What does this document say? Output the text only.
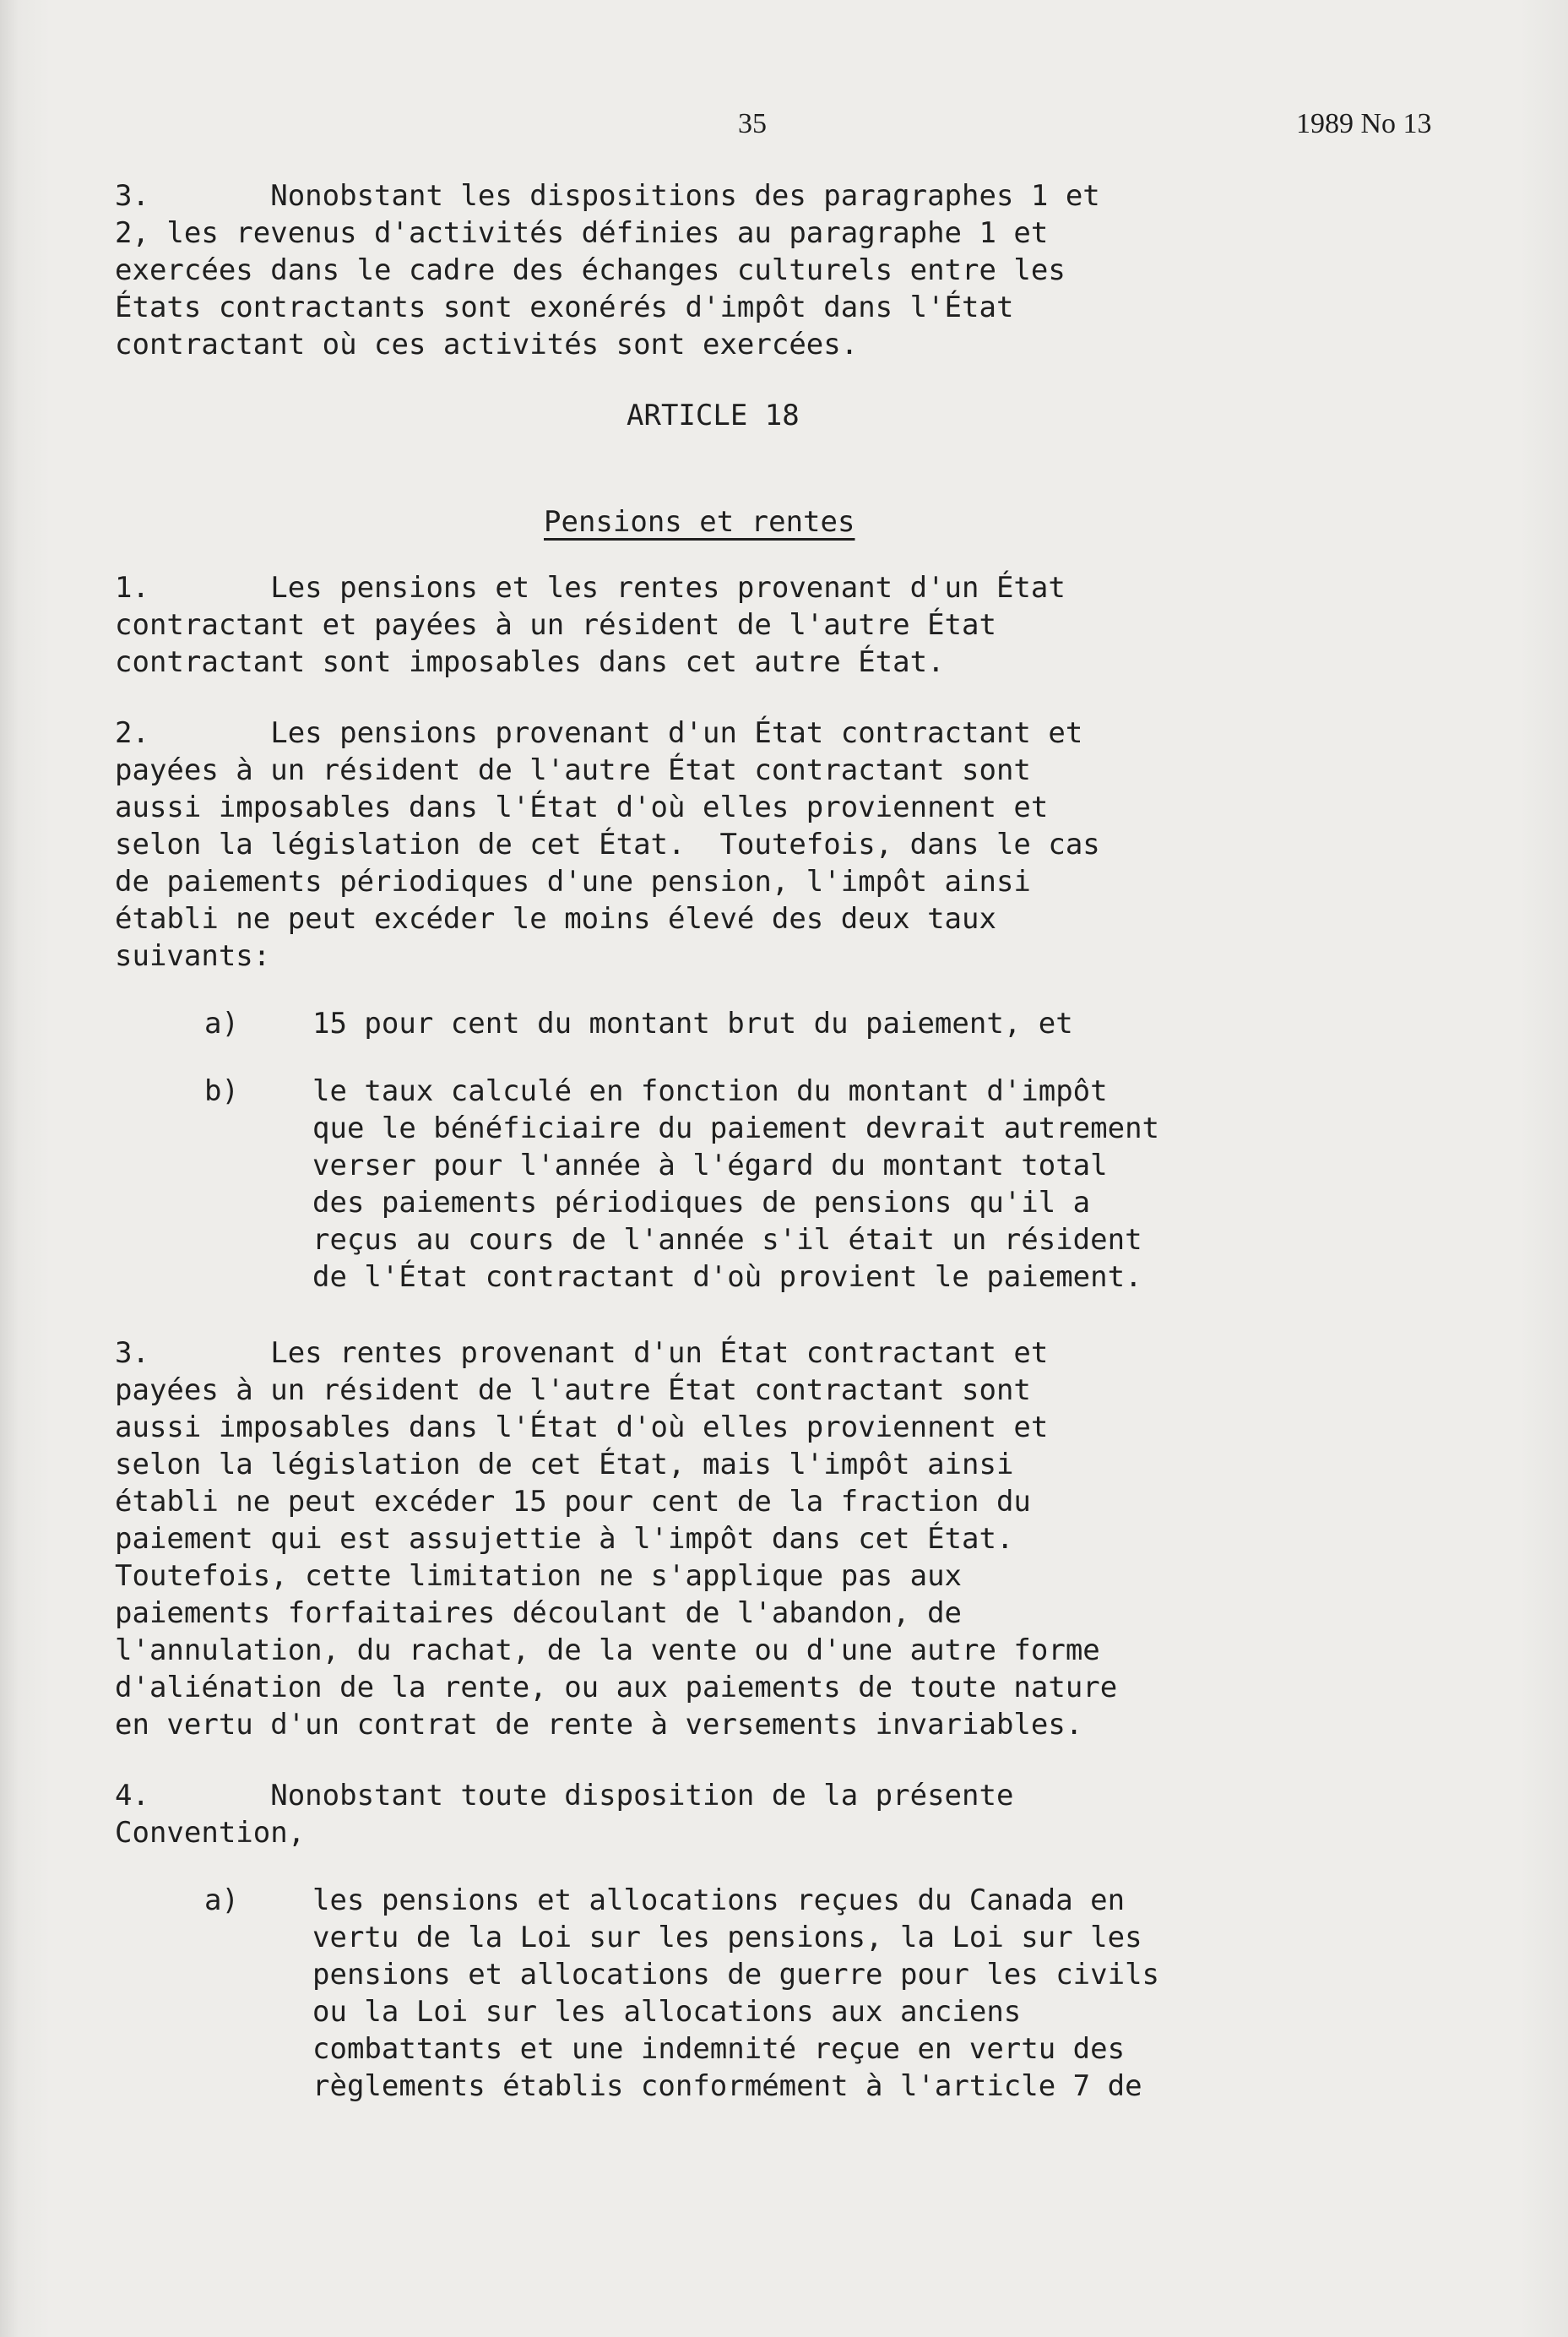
35	1989 No 13
3.       Nonobstant les dispositions des paragraphes 1 et
2, les revenus d'activités définies au paragraphe 1 et
exercées dans le cadre des échanges culturels entre les
États contractants sont exonérés d'impôt dans l'État
contractant où ces activités sont exercées.
ARTICLE 18
Pensions et rentes
1.       Les pensions et les rentes provenant d'un État
contractant et payées à un résident de l'autre État
contractant sont imposables dans cet autre État.
2.       Les pensions provenant d'un État contractant et
payées à un résident de l'autre État contractant sont
aussi imposables dans l'État d'où elles proviennent et
selon la législation de cet État.  Toutefois, dans le cas
de paiements périodiques d'une pension, l'impôt ainsi
établi ne peut excéder le moins élevé des deux taux
suivants:
a)	15 pour cent du montant brut du paiement, et
b)	le taux calculé en fonction du montant d'impôt
que le bénéficiaire du paiement devrait autrement
verser pour l'année à l'égard du montant total
des paiements périodiques de pensions qu'il a
reçus au cours de l'année s'il était un résident
de l'État contractant d'où provient le paiement.
3.       Les rentes provenant d'un État contractant et
payées à un résident de l'autre État contractant sont
aussi imposables dans l'État d'où elles proviennent et
selon la législation de cet État, mais l'impôt ainsi
établi ne peut excéder 15 pour cent de la fraction du
paiement qui est assujettie à l'impôt dans cet État.
Toutefois, cette limitation ne s'applique pas aux
paiements forfaitaires découlant de l'abandon, de
l'annulation, du rachat, de la vente ou d'une autre forme
d'aliénation de la rente, ou aux paiements de toute nature
en vertu d'un contrat de rente à versements invariables.
4.       Nonobstant toute disposition de la présente
Convention,
a)	les pensions et allocations reçues du Canada en
vertu de la Loi sur les pensions, la Loi sur les
pensions et allocations de guerre pour les civils
ou la Loi sur les allocations aux anciens
combattants et une indemnité reçue en vertu des
règlements établis conformément à l'article 7 de
